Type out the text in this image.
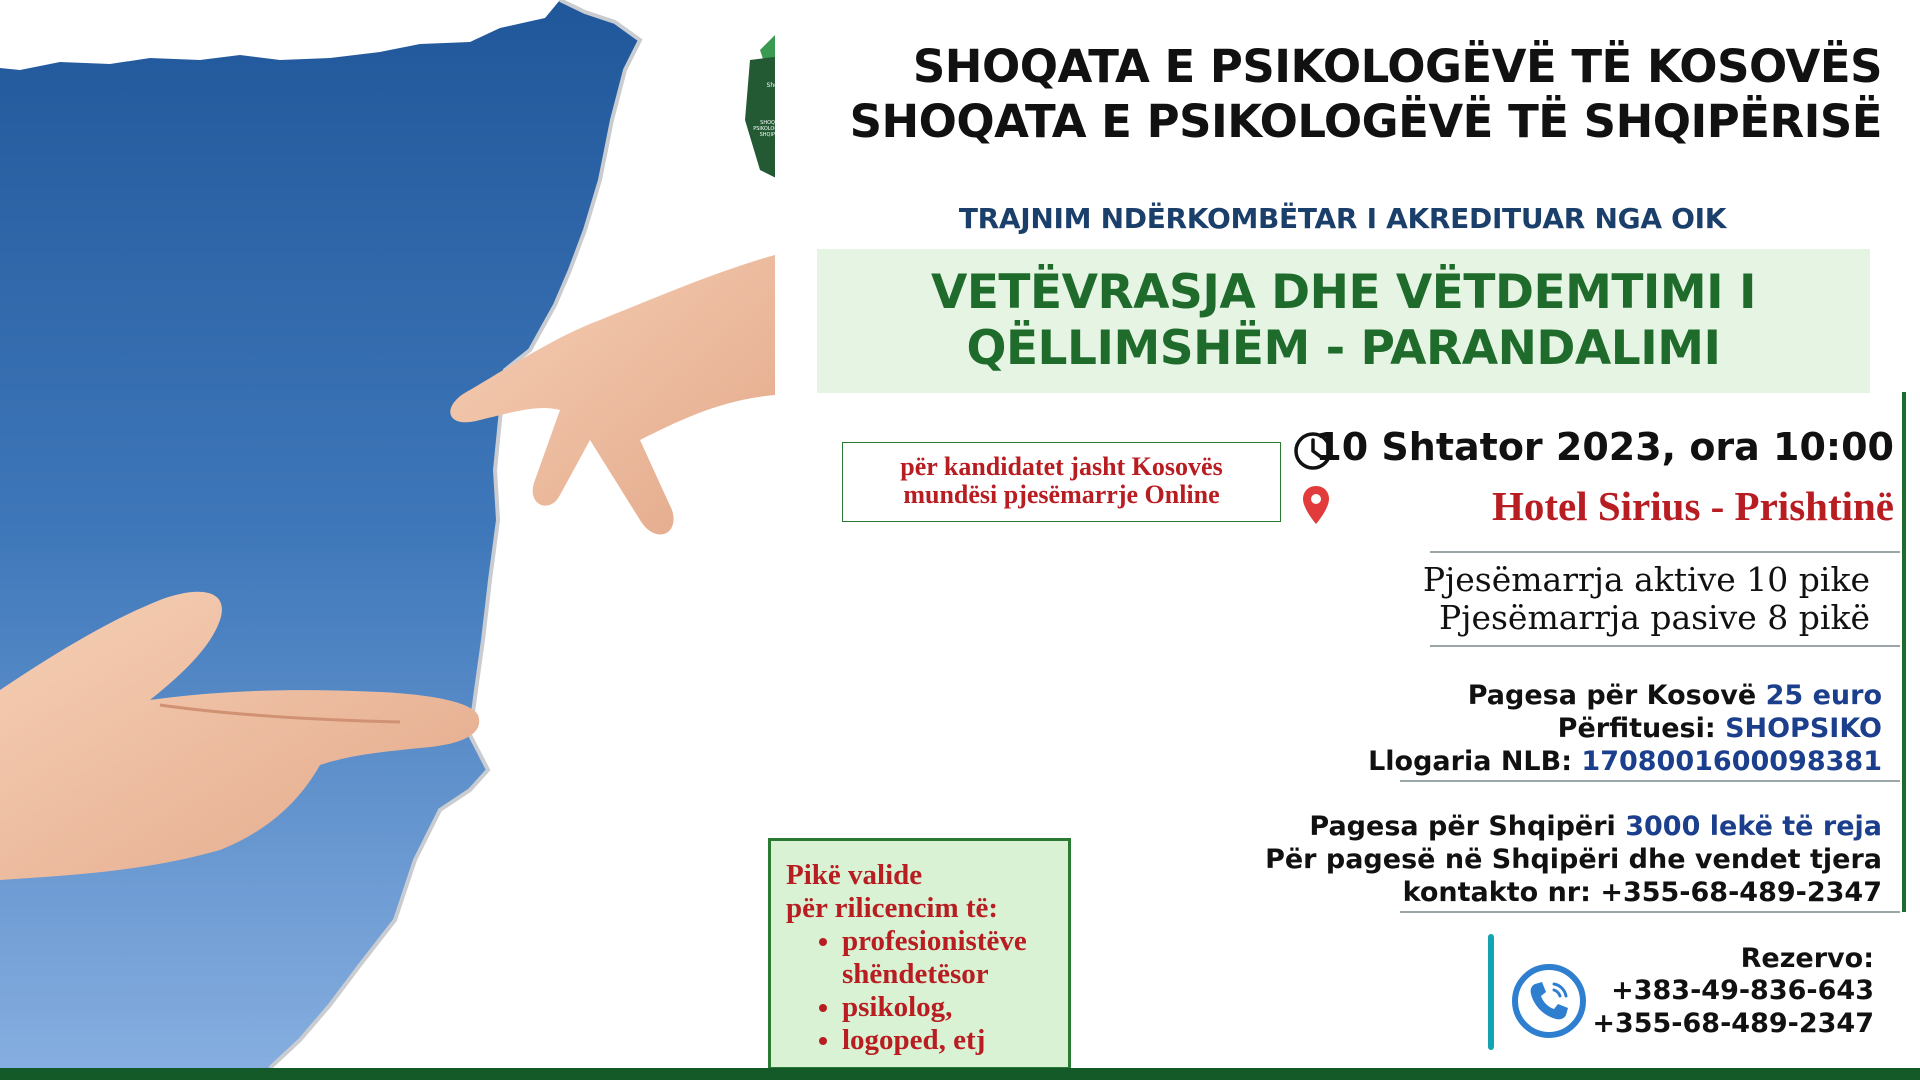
SHOQATA E PSIKOLOGËVË TË KOSOVËS "INTEGRITY"
ShoPsiKo
SHOQATA E PSIKOLOGËVË TË SHQIPËRISË
SHOQATA E PSIKOLOGËVË TË KOSOVËS
SHOQATA E PSIKOLOGËVË TË SHQIPËRISË
TRAJNIM NDËRKOMBËTAR I AKREDITUAR NGA OIK
VETËVRASJA DHE VËTDEMTIMI I
QËLLIMSHËM - PARANDALIMI
për kandidatet jasht Kosovës
mundësi pjesëmarrje Online
10 Shtator 2023, ora 10:00
Hotel Sirius - Prishtinë
Pjesëmarrja aktive 10 pike
Pjesëmarrja pasive 8 pikë
Pagesa për Kosovë 25 euro
Përfituesi: SHOPSIKO
Llogaria NLB: 1708001600098381
Pagesa për Shqipëri 3000 lekë të reja
Për pagesë në Shqipëri dhe vendet tjera
kontakto nr: +355-68-489-2347
Rezervo:
+383-49-836-643
+355-68-489-2347
Pikë valide
për rilicencim të:
• profesionistëve shëndetësor
• psikolog,
• logoped, etj
